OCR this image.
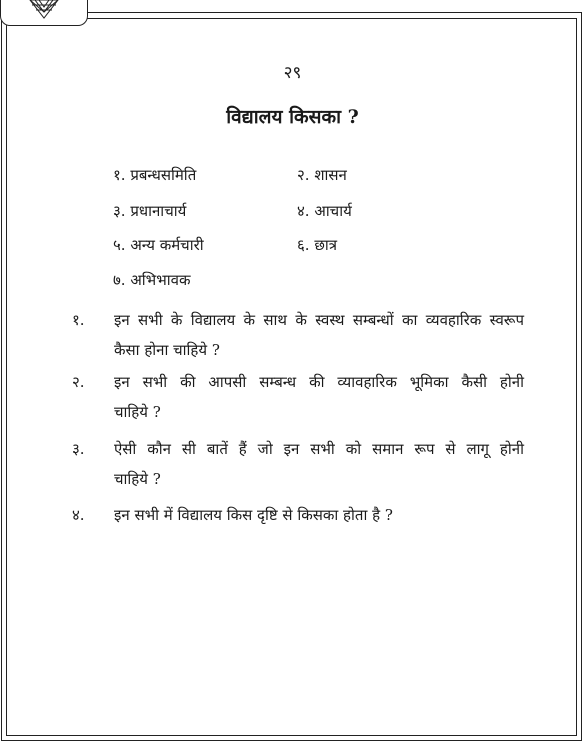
२९
विद्यालय किसका ?
१. प्रबन्धसमिति	२. शासन
३. प्रधानाचार्य	४. आचार्य
५. अन्य कर्मचारी	६. छात्र
७. अभिभावक
१. इन सभी के विद्यालय के साथ के स्वस्थ सम्बन्धों का व्यवहारिक स्वरूप
कैसा होना चाहिये ?
२. इन सभी की आपसी सम्बन्ध की व्यावहारिक भूमिका कैसी होनी
चाहिये ?
३. ऐसी कौन सी बातें हैं जो इन सभी को समान रूप से लागू होनी
चाहिये ?
४. इन सभी में विद्यालय किस दृष्टि से किसका होता है ?
